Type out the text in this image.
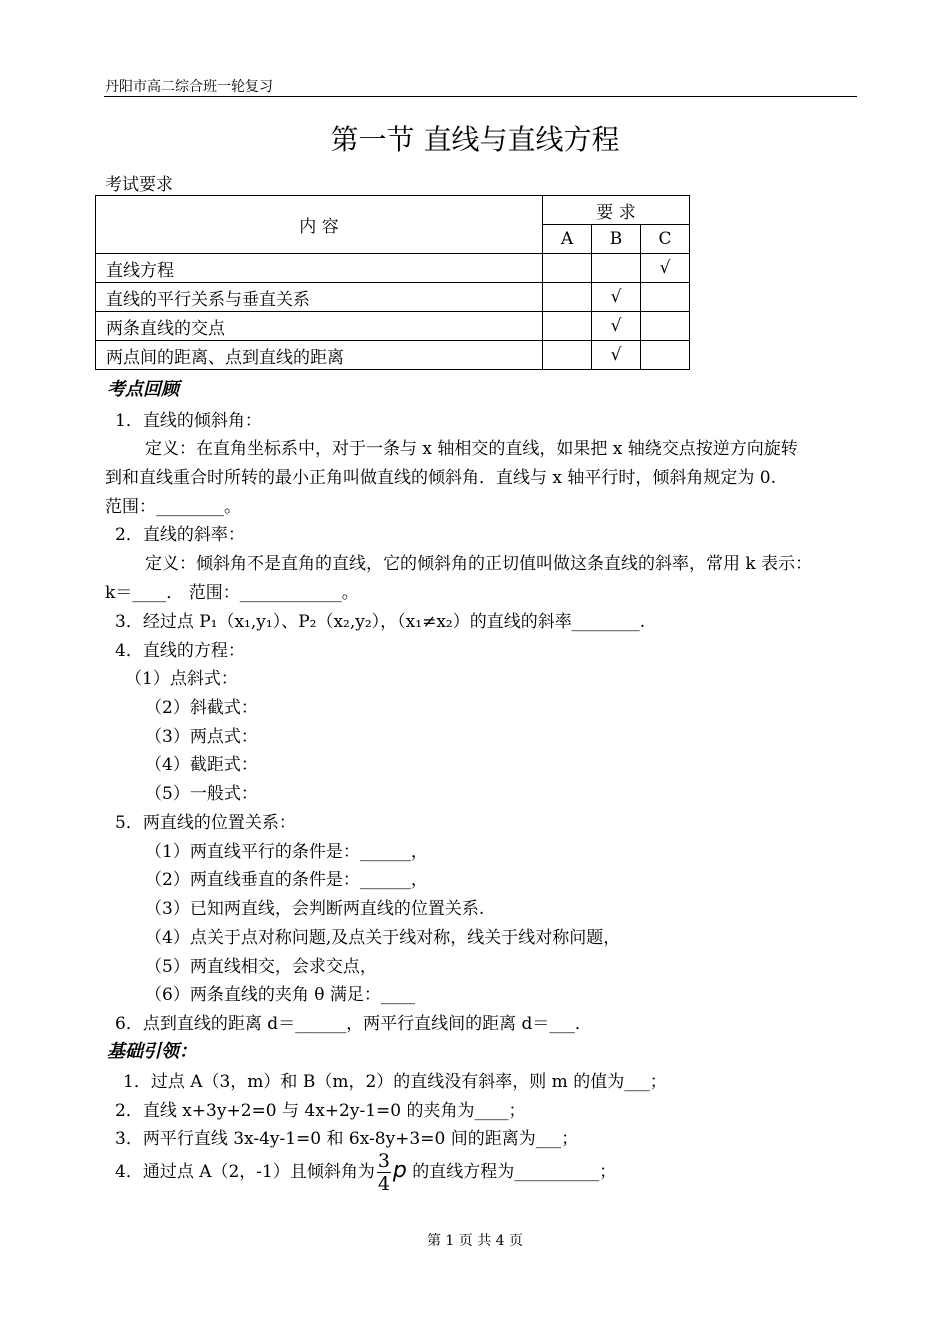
丹阳市高二综合班一轮复习
第一节 直线与直线方程
考试要求
内 容	要 求		
	A	B	C
直线方程			√
直线的平行关系与垂直关系		√	
两条直线的交点		√	
两点间的距离、点到直线的距离		√	
考点回顾
1．直线的倾斜角：
定义：在直角坐标系中，对于一条与 x 轴相交的直线，如果把 x 轴绕交点按逆方向旋转
到和直线重合时所转的最小正角叫做直线的倾斜角．直线与 x 轴平行时，倾斜角规定为 0.
范围：________。
2．直线的斜率：
定义：倾斜角不是直角的直线，它的倾斜角的正切值叫做这条直线的斜率，常用 k 表示：
k＝____． 范围：____________。
3．经过点 P₁（x₁,y₁）、P₂（x₂,y₂），（x₁≠x₂）的直线的斜率________.
4．直线的方程：
（1）点斜式：
（2）斜截式：
（3）两点式：
（4）截距式：
（5）一般式：
5．两直线的位置关系：
（1）两直线平行的条件是：______，
（2）两直线垂直的条件是：______，
（3）已知两直线，会判断两直线的位置关系.
（4）点关于点对称问题,及点关于线对称，线关于线对称问题，
（5）两直线相交，会求交点，
（6）两条直线的夹角 θ 满足：____
6．点到直线的距离 d＝______，两平行直线间的距离 d＝___．
基础引领：
1．过点 A（3，m）和 B（m，2）的直线没有斜率，则 m 的值为___；
2．直线 x+3y+2=0 与 4x+2y-1=0 的夹角为____；
3．两平行直线 3x-4y-1=0 和 6x-8y+3=0 间的距离为___；
4．通过点 A（2，-1）且倾斜角为 $\frac{3}{4}$ p 的直线方程为__________；
第 1 页 共 4 页
